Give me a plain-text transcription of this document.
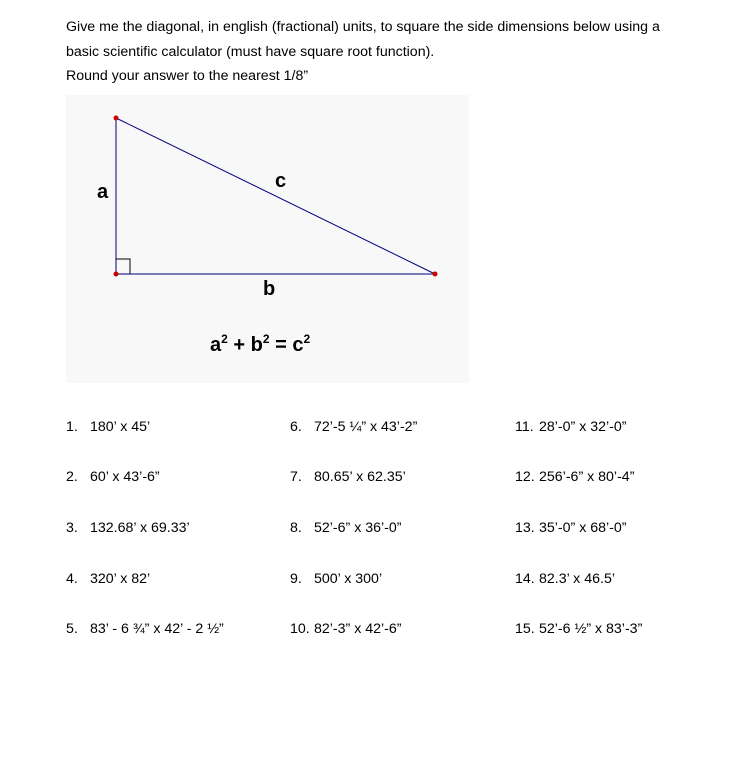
Give me the diagonal, in english (fractional) units, to square the side dimensions below using a

basic scientific calculator (must have square root function).

Round your answer to the nearest 1/8”

a	c
b
$a^2 + b^2 = c^2$
1. 180’ x 45’
2. 60’ x 43’-6”
3. 132.68’ x 69.33’
4. 320’ x 82’
5. 83’ - 6 ¾” x 42’ - 2 ½”
6. 72’-5 ¼” x 43’-2”
7. 80.65’ x 62.35’
8. 52’-6” x 36’-0”
9. 500’ x 300’
10. 82’-3” x 42’-6”
11. 28’-0” x 32’-0”
12. 256’-6” x 80’-4”
13. 35’-0” x 68’-0”
14. 82.3’ x 46.5’
15. 52’-6 ½” x 83’-3”
